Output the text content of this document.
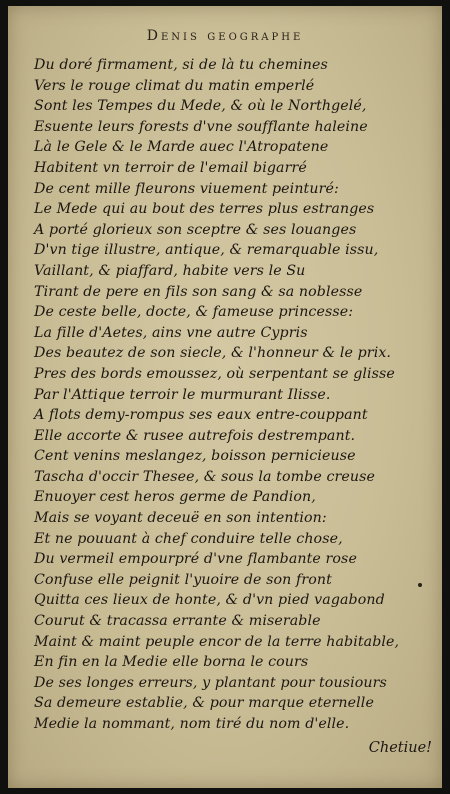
Denis geographe
Du doré firmament, si de là tu chemines
Vers le rouge climat du matin emperlé
Sont les Tempes du Mede, & où le Northgelé,
Esuente leurs forests d'vne soufflante haleine
Là le Gele & le Marde auec l'Atropatene
Habitent vn terroir de l'email bigarré
De cent mille fleurons viuement peinturé:
Le Mede qui au bout des terres plus estranges
A porté glorieux son sceptre & ses louanges
D'vn tige illustre, antique, & remarquable issu,
Vaillant, & piaffard, habite vers le Su
Tirant de pere en fils son sang & sa noblesse
De ceste belle, docte, & fameuse princesse:
La fille d'Aetes, ains vne autre Cypris
Des beautez de son siecle, & l'honneur & le prix.
Pres des bords emoussez, où serpentant se glisse
Par l'Attique terroir le murmurant Ilisse.
A flots demy-rompus ses eaux entre-couppant
Elle accorte & rusee autrefois destrempant.
Cent venins meslangez, boisson pernicieuse
Tascha d'occir Thesee, & sous la tombe creuse
Enuoyer cest heros germe de Pandion,
Mais se voyant deceuë en son intention:
Et ne pouuant à chef conduire telle chose,
Du vermeil empourpré d'vne flambante rose
Confuse elle peignit l'yuoire de son front
Quitta ces lieux de honte, & d'vn pied vagabond
Courut & tracassa errante & miserable
Maint & maint peuple encor de la terre habitable,
En fin en la Medie elle borna le cours
De ses longes erreurs, y plantant pour tousiours
Sa demeure establie, & pour marque eternelle
Medie la nommant, nom tiré du nom d'elle.
Chetiue!
